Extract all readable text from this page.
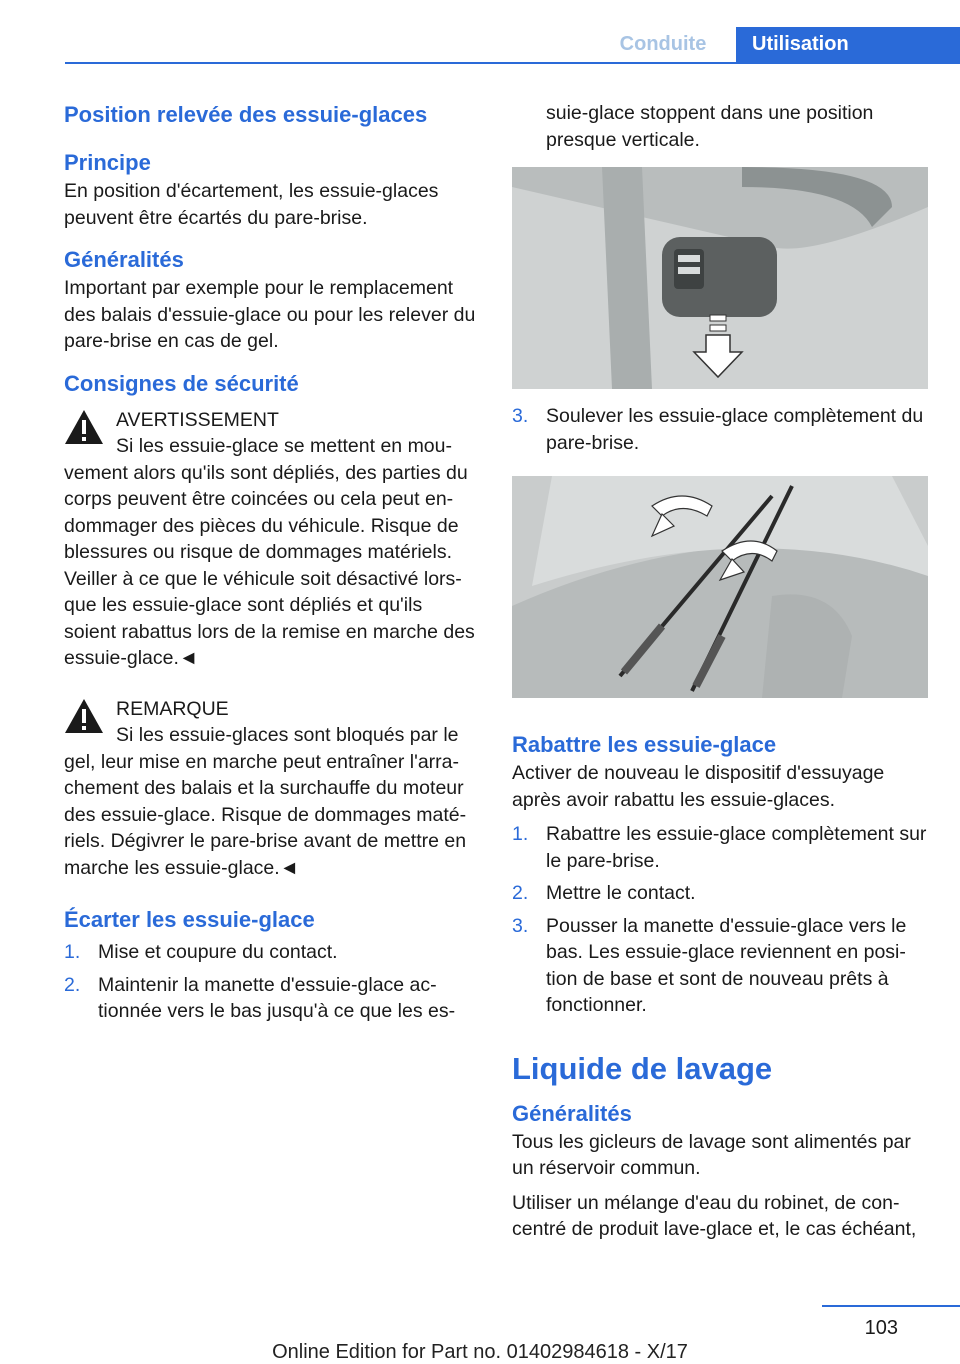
Conduite	Utilisation
Position relevée des essuie-glaces
Principe

En position d'écartement, les essuie-glaces peuvent être écartés du pare-brise.

Généralités

Important par exemple pour le remplacement des balais d'essuie-glace ou pour les relever du pare-brise en cas de gel.

Consignes de sécurité

AVERTISSEMENT

Si les essuie-glace se mettent en mou-vement alors qu'ils sont dépliés, des parties du corps peuvent être coincées ou cela peut en-dommager des pièces du véhicule. Risque de blessures ou risque de dommages matériels. Veiller à ce que le véhicule soit désactivé lors-que les essuie-glace sont dépliés et qu'ils soient rabattus lors de la remise en marche des essuie-glace.◄

REMARQUE

Si les essuie-glaces sont bloqués par le gel, leur mise en marche peut entraîner l'arra-chement des balais et la surchauffe du moteur des essuie-glace. Risque de dommages maté-riels. Dégivrer le pare-brise avant de mettre en marche les essuie-glace.◄

Écarter les essuie-glace
1. Mise et coupure du contact.
2. Maintenir la manette d'essuie-glace ac-tionnée vers le bas jusqu'à ce que les es-

suie-glace stoppent dans une position presque verticale.

3. Soulever les essuie-glace complètement du pare-brise.
Rabattre les essuie-glace

Activer de nouveau le dispositif d'essuyage après avoir rabattu les essuie-glaces.

1. Rabattre les essuie-glace complètement sur le pare-brise.
2. Mettre le contact.
3. Pousser la manette d'essuie-glace vers le bas. Les essuie-glace reviennent en posi-tion de base et sont de nouveau prêts à fonctionner.
Liquide de lavage
Généralités

Tous les gicleurs de lavage sont alimentés par un réservoir commun.

Utiliser un mélange d'eau du robinet, de con-centré de produit lave-glace et, le cas échéant,

103
Online Edition for Part no. 01402984618 - X/17
